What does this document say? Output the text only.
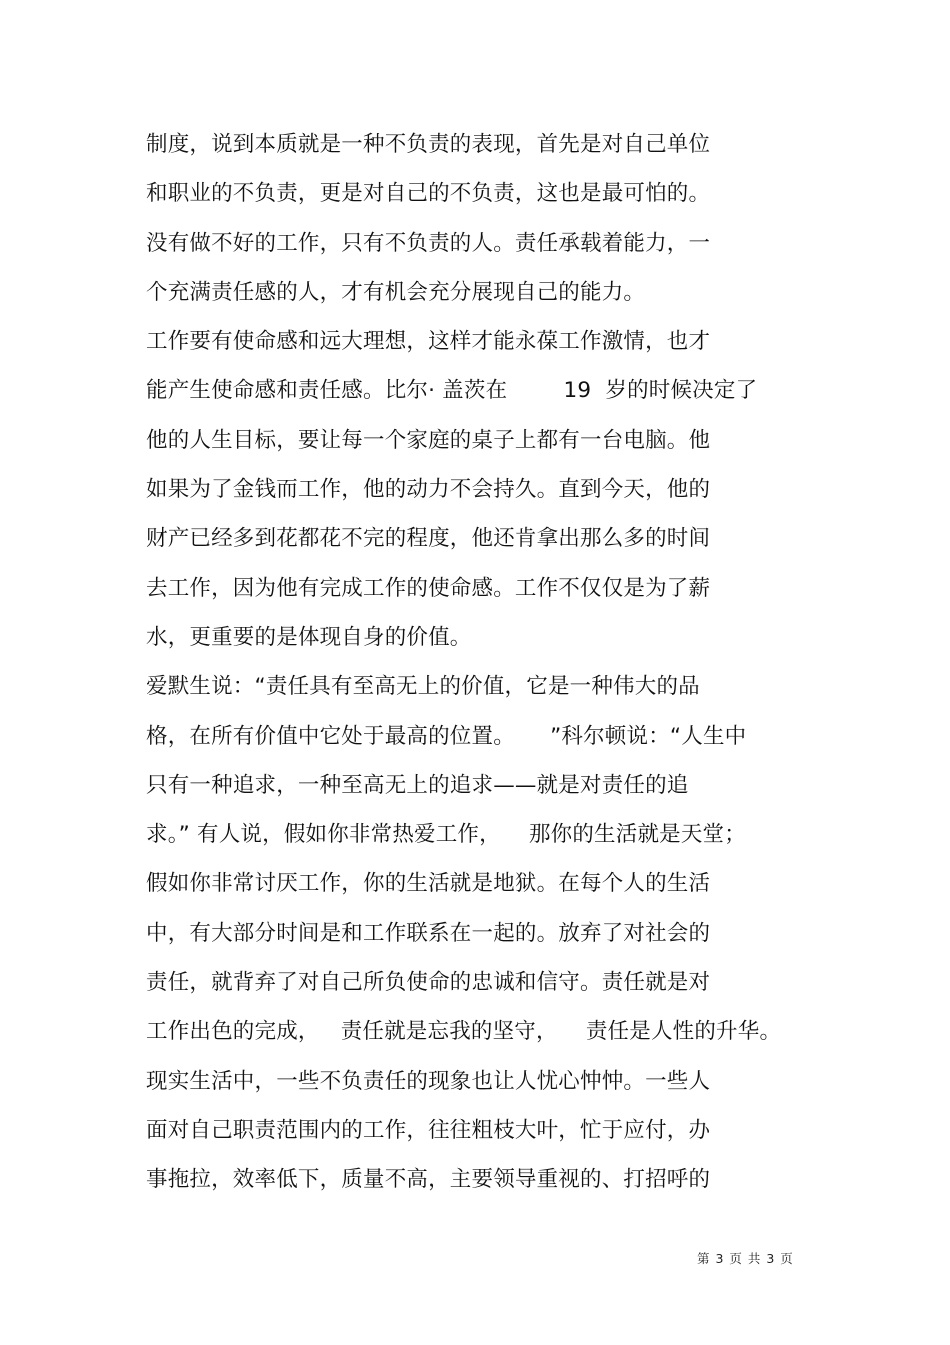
制度，说到本质就是一种不负责的表现，首先是对自己单位
和职业的不负责，更是对自己的不负责，这也是最可怕的。
没有做不好的工作，只有不负责的人。责任承载着能力，一
个充满责任感的人，才有机会充分展现自己的能力。
工作要有使命感和远大理想，这样才能永葆工作激情，也才
能产生使命感和责任感。比尔· 盖茨在        19  岁的时候决定了
他的人生目标，要让每一个家庭的桌子上都有一台电脑。他
如果为了金钱而工作，他的动力不会持久。直到今天，他的
财产已经多到花都花不完的程度，他还肯拿出那么多的时间
去工作，因为他有完成工作的使命感。工作不仅仅是为了薪
水，更重要的是体现自身的价值。
爱默生说：“责任具有至高无上的价值，它是一种伟大的品
格，在所有价值中它处于最高的位置。     ”科尔顿说：“人生中
只有一种追求，一种至高无上的追求——就是对责任的追
求。” 有人说，假如你非常热爱工作，    那你的生活就是天堂；
假如你非常讨厌工作，你的生活就是地狱。在每个人的生活
中，有大部分时间是和工作联系在一起的。放弃了对社会的
责任，就背弃了对自己所负使命的忠诚和信守。责任就是对
工作出色的完成，   责任就是忘我的坚守，    责任是人性的升华。
现实生活中，一些不负责任的现象也让人忧心忡忡。一些人
面对自己职责范围内的工作，往往粗枝大叶，忙于应付，办
事拖拉，效率低下，质量不高，主要领导重视的、打招呼的
第 3 页 共 3 页
